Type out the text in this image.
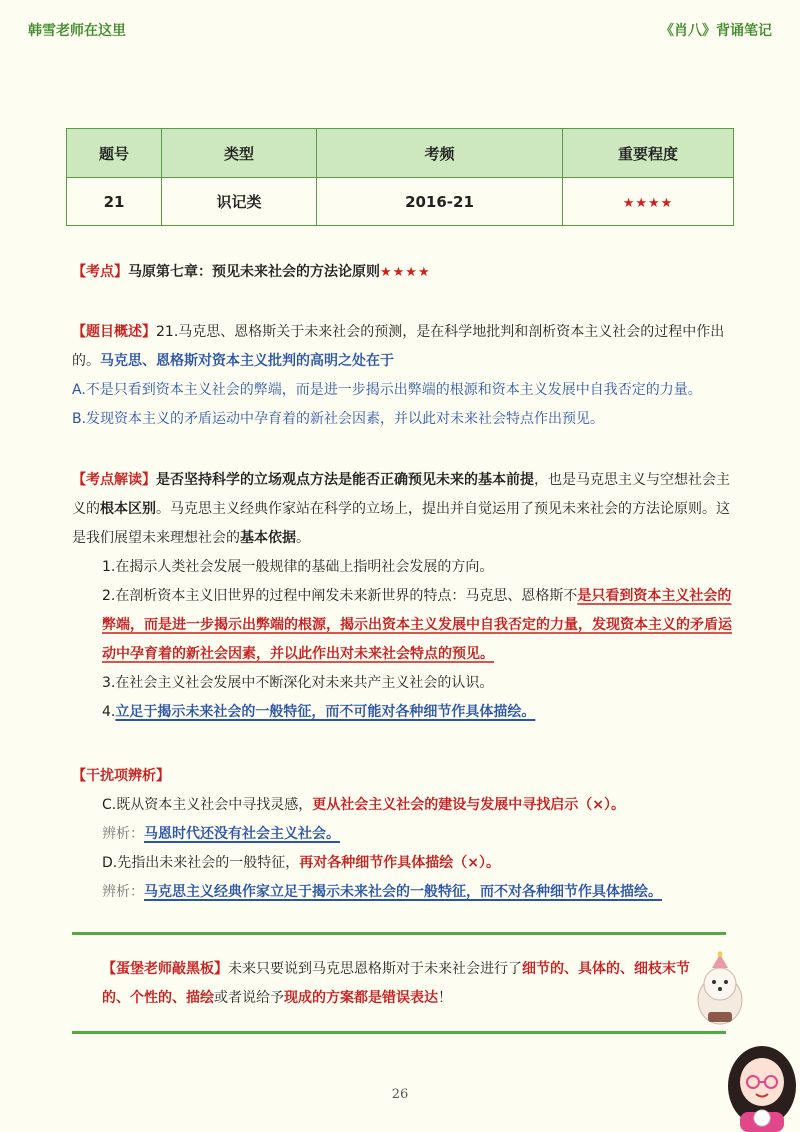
韩雪老师在这里	《肖八》背诵笔记
题号	类型	考频	重要程度
21	识记类	2016-21	★★★★
【考点】马原第七章：预见未来社会的方法论原则★★★★
【题目概述】21.马克思、恩格斯关于未来社会的预测，是在科学地批判和剖析资本主义社会的过程中作出的。马克思、恩格斯对资本主义批判的高明之处在于
A.不是只看到资本主义社会的弊端，而是进一步揭示出弊端的根源和资本主义发展中自我否定的力量。
B.发现资本主义的矛盾运动中孕育着的新社会因素，并以此对未来社会特点作出预见。
【考点解读】是否坚持科学的立场观点方法是能否正确预见未来的基本前提，也是马克思主义与空想社会主义的根本区别。马克思主义经典作家站在科学的立场上，提出并自觉运用了预见未来社会的方法论原则。这是我们展望未来理想社会的基本依据。
1.在揭示人类社会发展一般规律的基础上指明社会发展的方向。
2.在剖析资本主义旧世界的过程中阐发未来新世界的特点：马克思、恩格斯不是只看到资本主义社会的弊端，而是进一步揭示出弊端的根源，揭示出资本主义发展中自我否定的力量，发现资本主义的矛盾运动中孕育着的新社会因素，并以此作出对未来社会特点的预见。
3.在社会主义社会发展中不断深化对未来共产主义社会的认识。
4.立足于揭示未来社会的一般特征，而不可能对各种细节作具体描绘。
【干扰项辨析】
C.既从资本主义社会中寻找灵感，更从社会主义社会的建设与发展中寻找启示（×）。
辨析：马恩时代还没有社会主义社会。
D.先指出未来社会的一般特征，再对各种细节作具体描绘（×）。
辨析：马克思主义经典作家立足于揭示未来社会的一般特征，而不对各种细节作具体描绘。
【蛋堡老师敲黑板】未来只要说到马克思恩格斯对于未来社会进行了细节的、具体的、细枝末节的、个性的、描绘或者说给予现成的方案都是错误表达！
26
